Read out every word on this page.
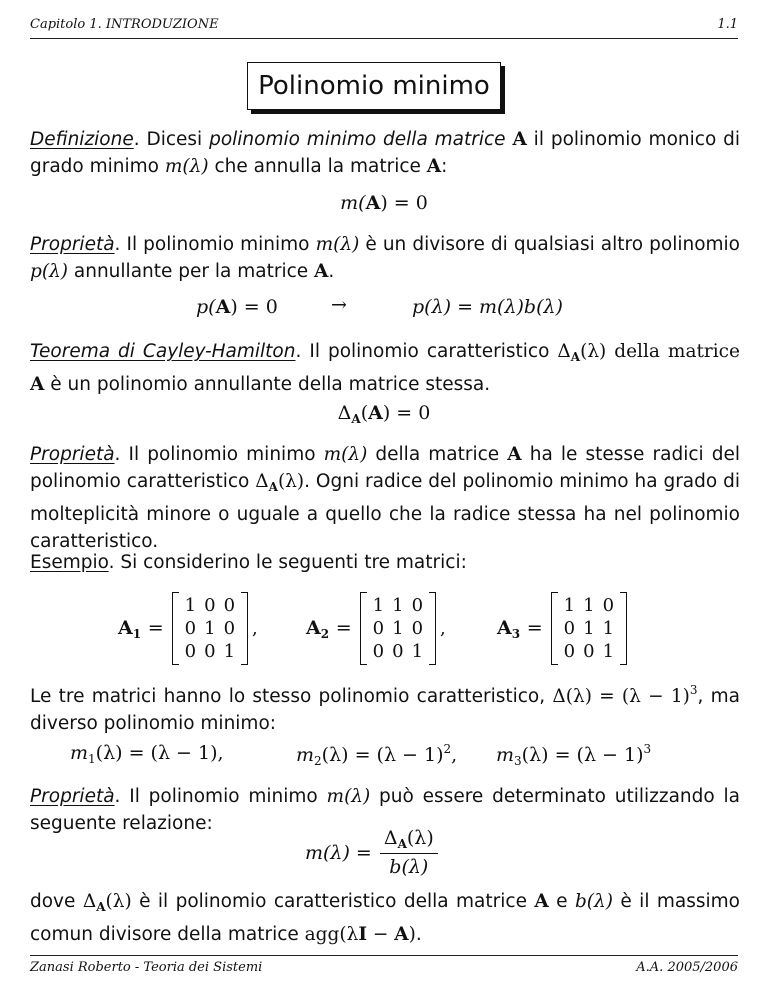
Capitolo 1. INTRODUZIONE	1.1
Polinomio minimo
Definizione. Dicesi polinomio minimo della matrice A il polinomio monico di grado minimo m(λ) che annulla la matrice A:
m(A) = 0
Proprietà. Il polinomio minimo m(λ) è un divisore di qualsiasi altro polinomio p(λ) annullante per la matrice A.
p(A) = 0	→	p(λ) = m(λ)b(λ)
Teorema di Cayley-Hamilton. Il polinomio caratteristico $\Delta_A(\lambda)$ della matrice A è un polinomio annullante della matrice stessa.
$\Delta_A(A) = 0$
Proprietà. Il polinomio minimo m(λ) della matrice A ha le stesse radici del polinomio caratteristico $\Delta_A(\lambda)$. Ogni radice del polinomio minimo ha grado di molteplicità minore o uguale a quello che la radice stessa ha nel polinomio caratteristico.
Esempio. Si considerino le seguenti tre matrici:
$A_1$ =
1	0	0
0	1	0
0	0	1
,	$A_2$ =
1	1	0
0	1	0
0	0	1
,	$A_3$ =
1	1	0
0	1	1
0	0	1
Le tre matrici hanno lo stesso polinomio caratteristico, $\Delta(\lambda) = (\lambda - 1)^3$, ma diverso polinomio minimo:
$m_1(\lambda) = (\lambda - 1)$,	$m_2(\lambda) = (\lambda - 1)^2$, $m_3(\lambda) = (\lambda - 1)^3$
Proprietà. Il polinomio minimo m(λ) può essere determinato utilizzando la seguente relazione:
$m(\lambda) = \frac{\Delta_A(\lambda)}{b(\lambda)}$
dove $\Delta_A(\lambda)$ è il polinomio caratteristico della matrice A e b(λ) è il massimo comun divisore della matrice agg(λI − A).
Zanasi Roberto - Teoria dei Sistemi	A.A. 2005/2006
